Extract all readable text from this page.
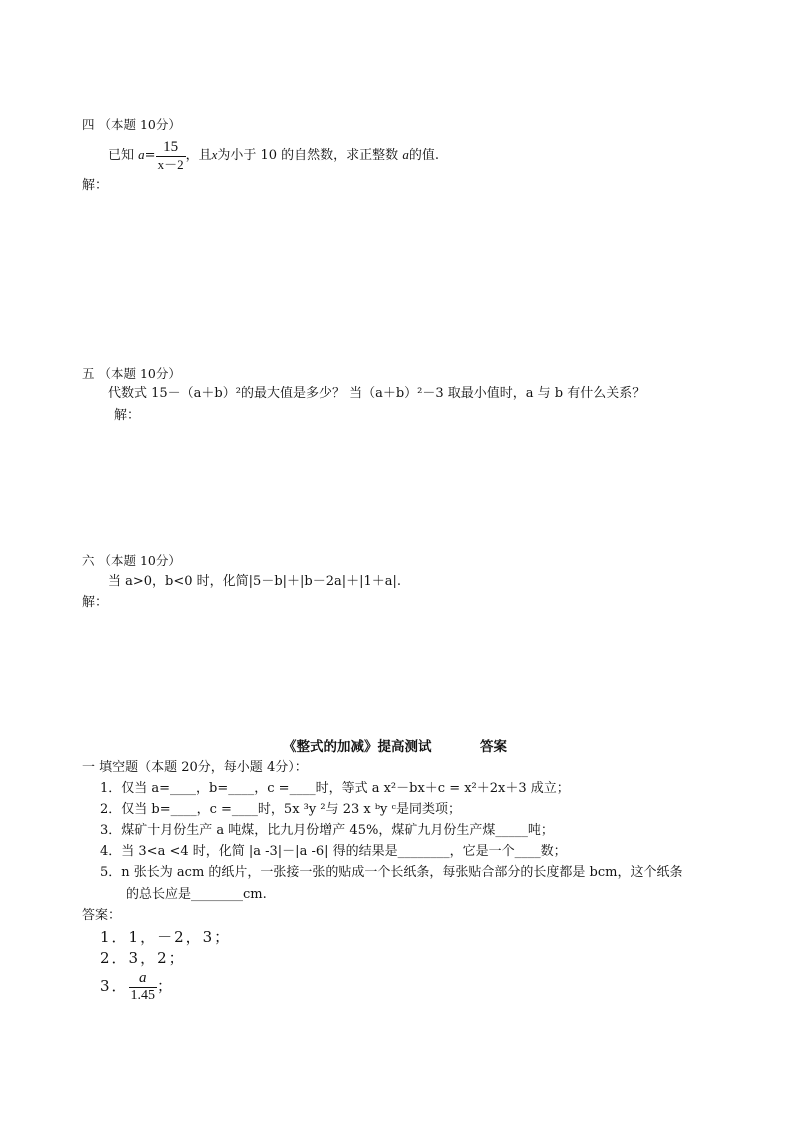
四 （本题 10分）
已知 $a= \frac{15}{x-2}$ ，且x为小于 10 的自然数，求正整数 a的值.
解：
五 （本题 10分）
代数式 15－（a＋b）²的最大值是多少？ 当（a＋b）²－3 取最小值时，a 与 b 有什么关系？
解：
六 （本题 10分）
当 a>0，b<0 时，化简|5－b|＋|b－2a|＋|1＋a|.
解：
《整式的加减》提高测试	答案
一 填空题（本题 20分，每小题 4分）：
1．仅当 a=____，b=____，c =____时，等式 a x²－bx＋c = x²＋2x＋3 成立；
2．仅当 b=____，c =____时，5x ³y ²与 23 x ᵇy ᶜ是同类项；
3．煤矿十月份生产 a 吨煤，比九月份增产 45%，煤矿九月份生产煤_____吨；
4．当 3<a <4 时，化简 |a -3|－|a -6| 得的结果是________，它是一个____数；
5．n 张长为 acm 的纸片，一张接一张的贴成一个长纸条，每张贴合部分的长度都是 bcm，这个纸条
的总长应是________cm.
答案：
1．1，－2，3；
2．3，2；
3． $\frac{a}{1.45}$ ；
